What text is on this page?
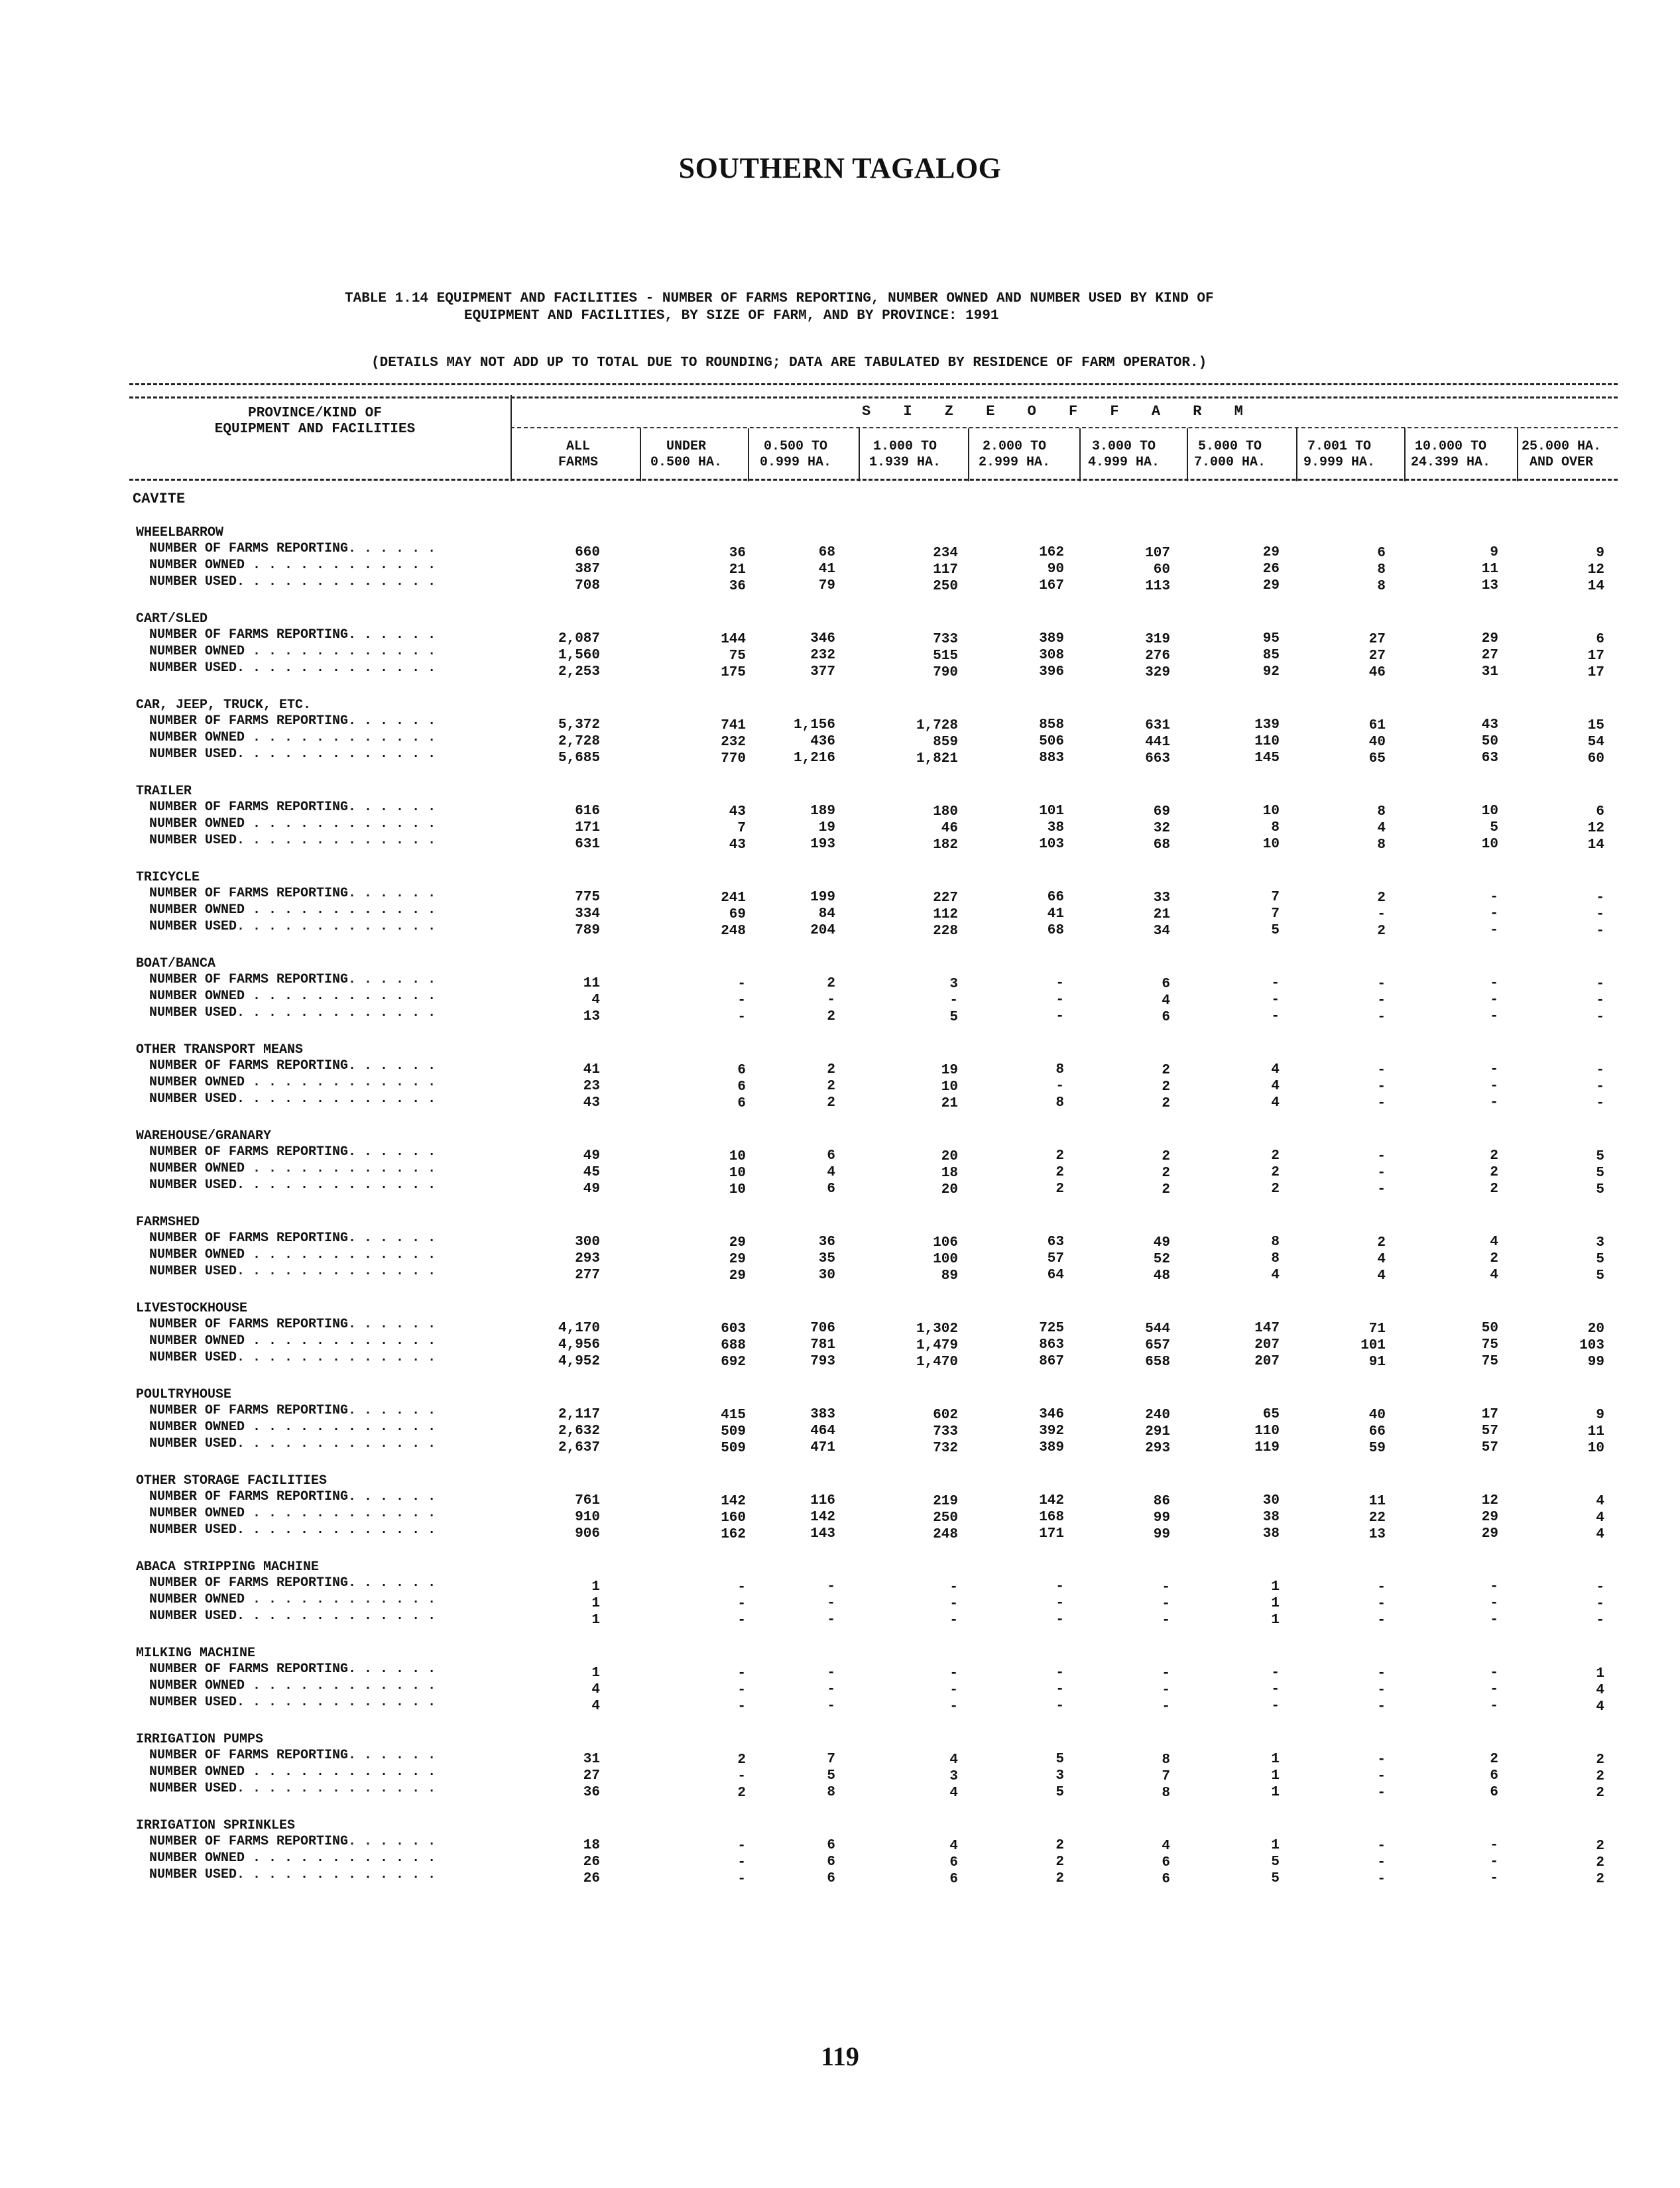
SOUTHERN TAGALOG
TABLE 1.14 EQUIPMENT AND FACILITIES - NUMBER OF FARMS REPORTING, NUMBER OWNED AND NUMBER USED BY KIND OF
EQUIPMENT AND FACILITIES, BY SIZE OF FARM, AND BY PROVINCE: 1991
(DETAILS MAY NOT ADD UP TO TOTAL DUE TO ROUNDING; DATA ARE TABULATED BY RESIDENCE OF FARM OPERATOR.)
PROVINCE/KIND OF
EQUIPMENT AND FACILITIES
S I Z E O F F A R M
ALL
FARMS
UNDER
0.500 HA.
0.500 TO
0.999 HA.
1.000 TO
1.939 HA.
2.000 TO
2.999 HA.
3.000 TO
4.999 HA.
5.000 TO
7.000 HA.
7.001 TO
9.999 HA.
10.000 TO
24.399 HA.
25.000 HA.
AND OVER
CAVITE
WHEELBARROW
NUMBER OF FARMS REPORTING. . . . . .	660	36	68	234	162	107	29	6	9	9
NUMBER OWNED . . . . . . . . . . . .	387	21	41	117	90	60	26	8	11	12
NUMBER USED. . . . . . . . . . . . .	708	36	79	250	167	113	29	8	13	14
CART/SLED
NUMBER OF FARMS REPORTING. . . . . .	2,087	144	346	733	389	319	95	27	29	6
NUMBER OWNED . . . . . . . . . . . .	1,560	75	232	515	308	276	85	27	27	17
NUMBER USED. . . . . . . . . . . . .	2,253	175	377	790	396	329	92	46	31	17
CAR, JEEP, TRUCK, ETC.
NUMBER OF FARMS REPORTING. . . . . .	5,372	741	1,156	1,728	858	631	139	61	43	15
NUMBER OWNED . . . . . . . . . . . .	2,728	232	436	859	506	441	110	40	50	54
NUMBER USED. . . . . . . . . . . . .	5,685	770	1,216	1,821	883	663	145	65	63	60
TRAILER
NUMBER OF FARMS REPORTING. . . . . .	616	43	189	180	101	69	10	8	10	6
NUMBER OWNED . . . . . . . . . . . .	171	7	19	46	38	32	8	4	5	12
NUMBER USED. . . . . . . . . . . . .	631	43	193	182	103	68	10	8	10	14
TRICYCLE
NUMBER OF FARMS REPORTING. . . . . .	775	241	199	227	66	33	7	2	-	-
NUMBER OWNED . . . . . . . . . . . .	334	69	84	112	41	21	7	-	-	-
NUMBER USED. . . . . . . . . . . . .	789	248	204	228	68	34	5	2	-	-
BOAT/BANCA
NUMBER OF FARMS REPORTING. . . . . .	11	-	2	3	-	6	-	-	-	-
NUMBER OWNED . . . . . . . . . . . .	4	-	-	-	-	4	-	-	-	-
NUMBER USED. . . . . . . . . . . . .	13	-	2	5	-	6	-	-	-	-
OTHER TRANSPORT MEANS
NUMBER OF FARMS REPORTING. . . . . .	41	6	2	19	8	2	4	-	-	-
NUMBER OWNED . . . . . . . . . . . .	23	6	2	10	-	2	4	-	-	-
NUMBER USED. . . . . . . . . . . . .	43	6	2	21	8	2	4	-	-	-
WAREHOUSE/GRANARY
NUMBER OF FARMS REPORTING. . . . . .	49	10	6	20	2	2	2	-	2	5
NUMBER OWNED . . . . . . . . . . . .	45	10	4	18	2	2	2	-	2	5
NUMBER USED. . . . . . . . . . . . .	49	10	6	20	2	2	2	-	2	5
FARMSHED
NUMBER OF FARMS REPORTING. . . . . .	300	29	36	106	63	49	8	2	4	3
NUMBER OWNED . . . . . . . . . . . .	293	29	35	100	57	52	8	4	2	5
NUMBER USED. . . . . . . . . . . . .	277	29	30	89	64	48	4	4	4	5
LIVESTOCKHOUSE
NUMBER OF FARMS REPORTING. . . . . .	4,170	603	706	1,302	725	544	147	71	50	20
NUMBER OWNED . . . . . . . . . . . .	4,956	688	781	1,479	863	657	207	101	75	103
NUMBER USED. . . . . . . . . . . . .	4,952	692	793	1,470	867	658	207	91	75	99
POULTRYHOUSE
NUMBER OF FARMS REPORTING. . . . . .	2,117	415	383	602	346	240	65	40	17	9
NUMBER OWNED . . . . . . . . . . . .	2,632	509	464	733	392	291	110	66	57	11
NUMBER USED. . . . . . . . . . . . .	2,637	509	471	732	389	293	119	59	57	10
OTHER STORAGE FACILITIES
NUMBER OF FARMS REPORTING. . . . . .	761	142	116	219	142	86	30	11	12	4
NUMBER OWNED . . . . . . . . . . . .	910	160	142	250	168	99	38	22	29	4
NUMBER USED. . . . . . . . . . . . .	906	162	143	248	171	99	38	13	29	4
ABACA STRIPPING MACHINE
NUMBER OF FARMS REPORTING. . . . . .	1	-	-	-	-	-	1	-	-	-
NUMBER OWNED . . . . . . . . . . . .	1	-	-	-	-	-	1	-	-	-
NUMBER USED. . . . . . . . . . . . .	1	-	-	-	-	-	1	-	-	-
MILKING MACHINE
NUMBER OF FARMS REPORTING. . . . . .	1	-	-	-	-	-	-	-	-	1
NUMBER OWNED . . . . . . . . . . . .	4	-	-	-	-	-	-	-	-	4
NUMBER USED. . . . . . . . . . . . .	4	-	-	-	-	-	-	-	-	4
IRRIGATION PUMPS
NUMBER OF FARMS REPORTING. . . . . .	31	2	7	4	5	8	1	-	2	2
NUMBER OWNED . . . . . . . . . . . .	27	-	5	3	3	7	1	-	6	2
NUMBER USED. . . . . . . . . . . . .	36	2	8	4	5	8	1	-	6	2
IRRIGATION SPRINKLES
NUMBER OF FARMS REPORTING. . . . . .	18	-	6	4	2	4	1	-	-	2
NUMBER OWNED . . . . . . . . . . . .	26	-	6	6	2	6	5	-	-	2
NUMBER USED. . . . . . . . . . . . .	26	-	6	6	2	6	5	-	-	2
119
